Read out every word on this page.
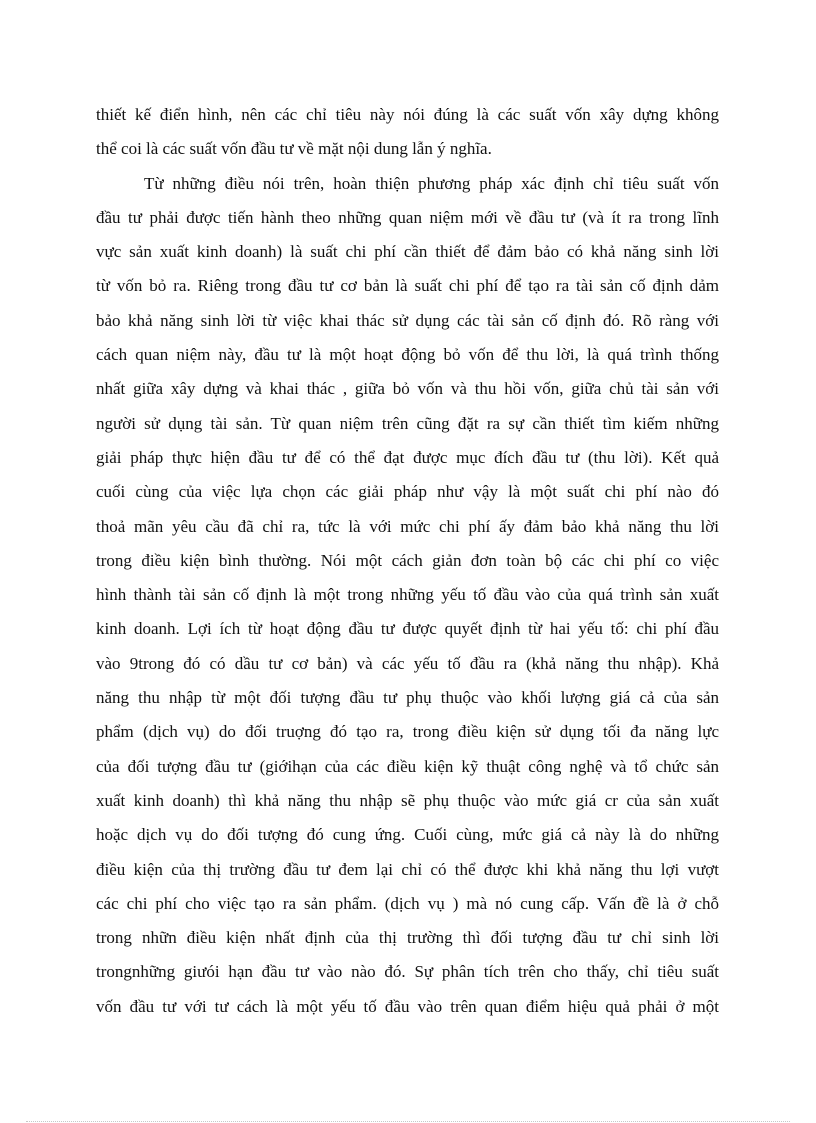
thiết kế điển hình, nên các chỉ tiêu này nói đúng là các suất vốn xây dựng không
thể coi là các suất vốn đầu tư về mặt nội dung lẫn ý nghĩa.
Từ những điều nói trên, hoàn thiện phương pháp xác định chỉ tiêu suất vốn
đầu tư phải được tiến hành theo những quan niệm mới về đầu tư (và ít ra trong lĩnh
vực sản xuất kinh doanh) là suất chi phí cần thiết để đảm bảo có khả năng sinh lời
từ vốn bỏ ra. Riêng trong đầu tư cơ bản là suất chi phí để tạo ra tài sản cố định dảm
bảo khả năng sinh lời từ việc khai thác sử dụng các tài sản cố định đó. Rõ ràng với
cách quan niệm này, đầu tư là một hoạt động bỏ vốn để thu lời, là quá trình thống
nhất giữa xây dựng và khai thác , giữa bỏ vốn và thu hồi vốn, giữa chủ tài sản với
người sử dụng tài sản. Từ quan niệm trên cũng đặt ra sự cần thiết tìm kiếm những
giải pháp thực hiện đầu tư để có thể đạt được mục đích đầu tư (thu lời). Kết quả
cuối cùng của việc lựa chọn các giải pháp như vậy là một suất chi phí nào đó
thoả mãn yêu cầu đã chỉ ra, tức là với mức chi phí ấy đảm bảo khả năng thu lời
trong điều kiện bình thường. Nói một cách giản đơn toàn bộ các chi phí co việc
hình thành tài sản cố định là một trong những yếu tố đầu vào của quá trình sản xuất
kinh doanh. Lợi ích từ hoạt động đầu tư được quyết định từ hai yếu tố: chi phí đầu
vào 9trong đó có dầu tư cơ bản) và các yếu tố đầu ra (khả năng thu nhập). Khả
năng thu nhập từ một đối tượng đầu tư phụ thuộc vào khối lượng giá cả của sản
phẩm (dịch vụ) do đối truợng đó tạo ra, trong điều kiện sử dụng tối đa năng lực
của đối tượng đầu tư (giớihạn của các điều kiện kỹ thuật công nghệ và tổ chức sản
xuất kinh doanh) thì khả năng thu nhập sẽ phụ thuộc vào mức giá cr của sản xuất
hoặc dịch vụ do đối tượng đó cung ứng. Cuối cùng, mức giá cả này là do những
điều kiện của thị trường đầu tư đem lại chỉ có thể được khi khả năng thu lợi vượt
các chi phí cho việc tạo ra sản phẩm. (dịch vụ ) mà nó cung cấp. Vấn đề là ở chỗ
trong nhữn điều kiện nhất định của thị trường thì đối tượng đầu tư chỉ sinh lời
trongnhững giưói hạn đầu tư vào nào đó. Sự phân tích trên cho thấy, chỉ tiêu suất
vốn đầu tư với tư cách là một yếu tố đầu vào trên quan điểm hiệu quả phải ở một
